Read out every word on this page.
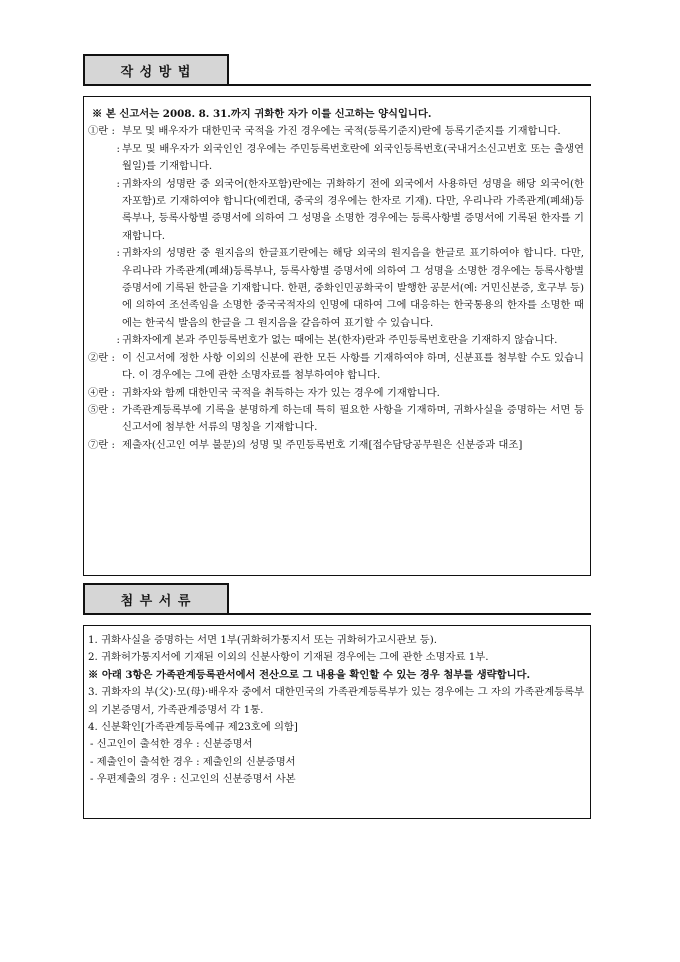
작 성 방 법
※ 본 신고서는 2008. 8. 31.까지 귀화한 자가 이를 신고하는 양식입니다.
①란 : 부모 및 배우자가 대한민국 국적을 가진 경우에는 국적(등록기준지)란에 등록기준지를 기재합니다.
: 부모 및 배우자가 외국인인 경우에는 주민등록번호란에 외국인등록번호(국내거소신고번호 또는 출생연월일)를 기재합니다.
: 귀화자의 성명란 중 외국어(한자포함)란에는 귀화하기 전에 외국에서 사용하던 성명을 해당 외국어(한자포함)로 기재하여야 합니다(예컨대, 중국의 경우에는 한자로 기재). 다만, 우리나라 가족관계(폐쇄)등록부나, 등록사항별 증명서에 의하여 그 성명을 소명한 경우에는 등록사항별 증명서에 기록된 한자를 기재합니다.
: 귀화자의 성명란 중 원지음의 한글표기란에는 해당 외국의 원지음을 한글로 표기하여야 합니다. 다만, 우리나라 가족관계(폐쇄)등록부나, 등록사항별 증명서에 의하여 그 성명을 소명한 경우에는 등록사항별 증명서에 기록된 한글을 기재합니다. 한편, 중화인민공화국이 발행한 공문서(예: 거민신분증, 호구부 등)에 의하여 조선족임을 소명한 중국국적자의 인명에 대하여 그에 대응하는 한국통용의 한자를 소명한 때에는 한국식 발음의 한글을 그 원지음을 갈음하여 표기할 수 있습니다.
: 귀화자에게 본과 주민등록번호가 없는 때에는 본(한자)란과 주민등록번호란을 기재하지 않습니다.
②란 : 이 신고서에 정한 사항 이외의 신분에 관한 모든 사항를 기재하여야 하며, 신분표를 첨부할 수도 있습니다. 이 경우에는 그에 관한 소명자료를 첨부하여야 합니다.
④란 : 귀화자와 함께 대한민국 국적을 취득하는 자가 있는 경우에 기재합니다.
⑤란 : 가족관계등록부에 기록을 분명하게 하는데 특히 필요한 사항을 기재하며, 귀화사실을 증명하는 서면 등 신고서에 첨부한 서류의 명칭을 기재합니다.
⑦란 : 제출자(신고인 여부 불문)의 성명 및 주민등록번호 기재[접수담당공무원은 신분증과 대조]
첨 부 서 류
1. 귀화사실을 증명하는 서면 1부(귀화허가통지서 또는 귀화허가고시관보 등).
2. 귀화허가통지서에 기재된 이외의 신분사항이 기재된 경우에는 그에 관한 소명자료 1부.
※ 아래 3항은 가족관계등록관서에서 전산으로 그 내용을 확인할 수 있는 경우 첨부를 생략합니다.
3. 귀화자의 부(父)·모(母)·배우자 중에서 대한민국의 가족관계등록부가 있는 경우에는 그 자의 가족관계등록부의 기본증명서, 가족관계증명서 각 1통.
4. 신분확인[가족관계등록예규 제23호에 의함]
- 신고인이 출석한 경우 : 신분증명서
- 제출인이 출석한 경우 : 제출인의 신분증명서
- 우편제출의 경우 : 신고인의 신분증명서 사본
